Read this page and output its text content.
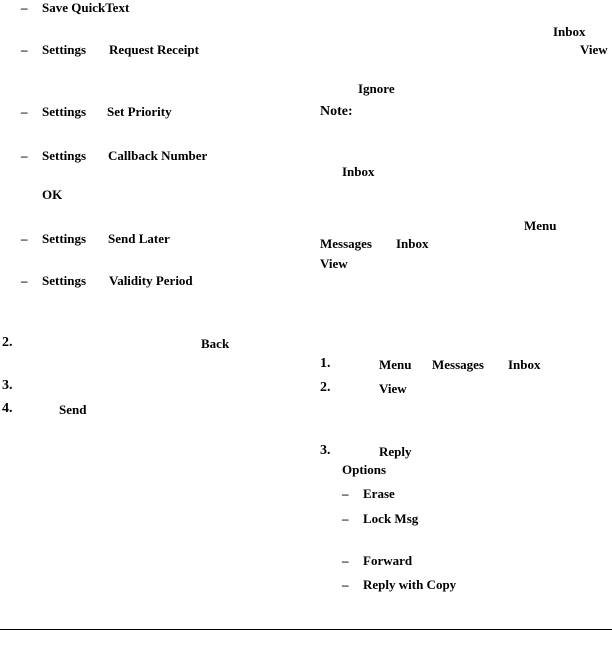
– Save QuickText
– Settings Request Receipt
– Settings Set Priority
– Settings Callback Number
OK
– Settings Send Later
– Settings Validity Period
2.	Back
3.
4.	Send
Inbox
View
Ignore
Note:
Inbox
Menu
Messages Inbox
View
1.	Menu Messages Inbox
2.	View
3.	Reply
Options
– Erase
– Lock Msg
– Forward
– Reply with Copy
